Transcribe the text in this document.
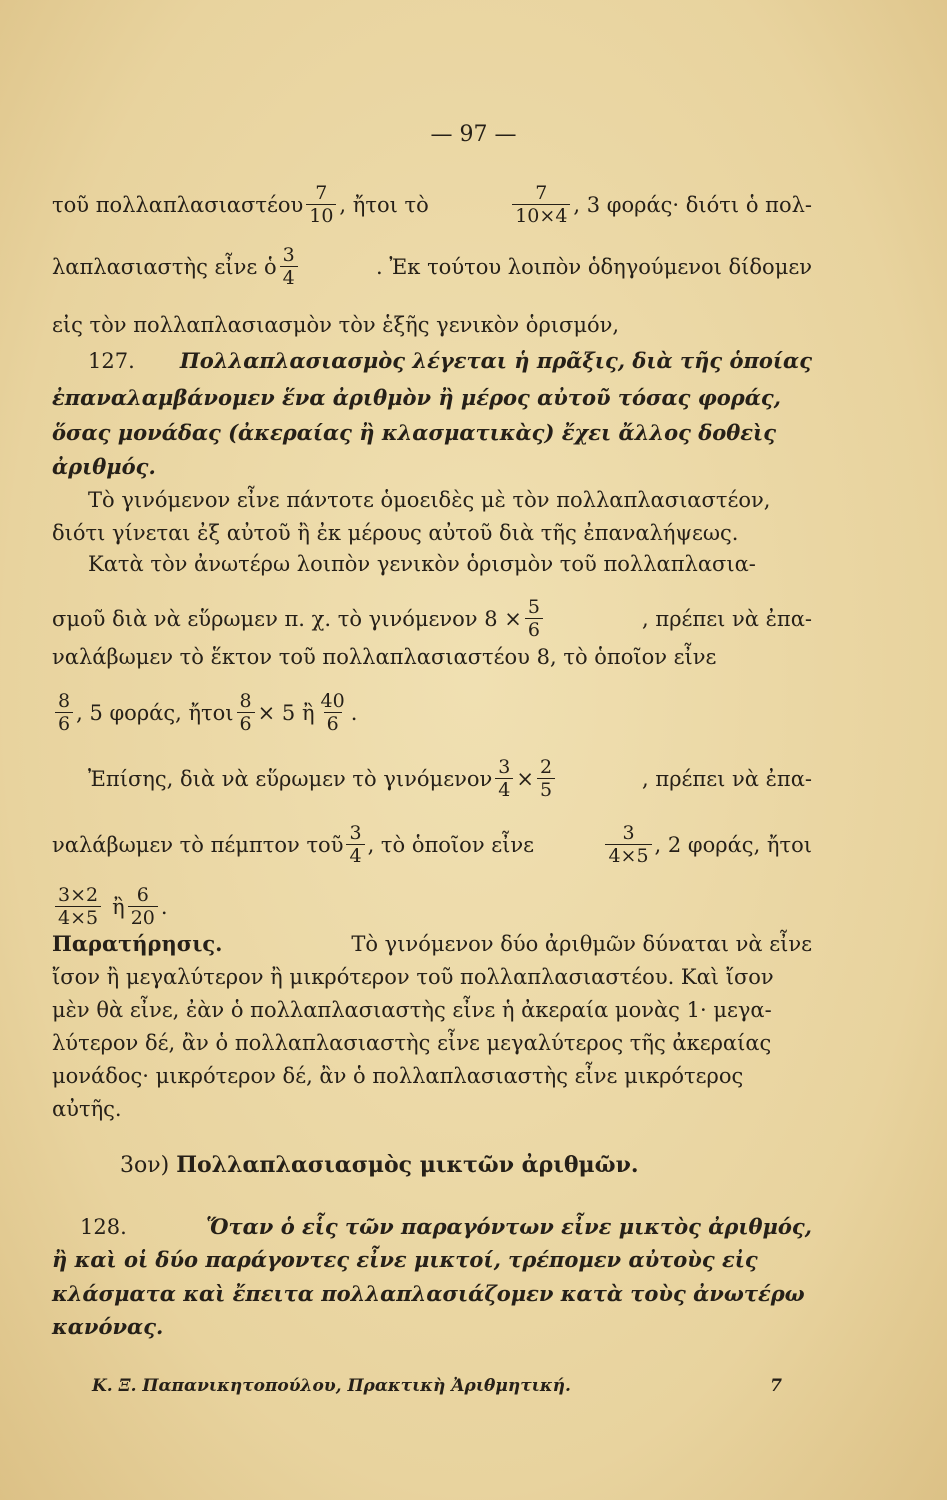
— 97 —
τοῦ πολλαπλασιαστέου $\frac{7}{10}$ , ἤτοι τὸ	$\frac{7}{10\times 4}$ , 3 φοράς· διότι ὁ πολ-
λαπλασιαστὴς εἶνε ὁ $\frac{3}{4}$	. Ἐκ τούτου λοιπὸν ὁδηγούμενοι δίδομεν
εἰς τὸν πολλαπλασιασμὸν τὸν ἑξῆς γενικὸν ὁρισμόν,
127. Πολλαπλασιασμὸς λέγεται ἡ πρᾶξις, διὰ τῆς ὁποίας
ἐπαναλαμβάνομεν ἕνα ἀριθμὸν ἢ μέρος αὐτοῦ τόσας φοράς,
ὅσας μονάδας (ἀκεραίας ἢ κλασματικὰς) ἔχει ἄλλος δοθεὶς
ἀριθμός.
Τὸ γινόμενον εἶνε πάντοτε ὁμοειδὲς μὲ τὸν πολλαπλασιαστέον,
διότι γίνεται ἐξ αὐτοῦ ἢ ἐκ μέρους αὐτοῦ διὰ τῆς ἐπαναλήψεως.
Κατὰ τὸν ἀνωτέρω λοιπὸν γενικὸν ὁρισμὸν τοῦ πολλαπλασια-
σμοῦ διὰ νὰ εὕρωμεν π. χ. τὸ γινόμενον $8 \times \frac{5}{6}$	, πρέπει νὰ ἐπα-
ναλάβωμεν τὸ ἕκτον τοῦ πολλαπλασιαστέου 8, τὸ ὁποῖον εἶνε
$\frac{8}{6}$ , 5 φοράς, ἤτοι $\frac{8}{6} \times 5$ ἢ $\frac{40}{6}$ .
Ἐπίσης, διὰ νὰ εὕρωμεν τὸ γινόμενον $\frac{3}{4} \times \frac{2}{5}$	, πρέπει νὰ ἐπα-
ναλάβωμεν τὸ πέμπτον τοῦ $\frac{3}{4}$ , τὸ ὁποῖον εἶνε	$\frac{3}{4\times 5}$ , 2 φοράς, ἤτοι
$\frac{3\times 2}{4\times 5}$ ἢ $\frac{6}{20}$ .
Παρατήρησις.	Τὸ γινόμενον δύο ἀριθμῶν δύναται νὰ εἶνε
ἴσον ἢ μεγαλύτερον ἢ μικρότερον τοῦ πολλαπλασιαστέου. Καὶ ἴσον
μὲν θὰ εἶνε, ἐὰν ὁ πολλαπλασιαστὴς εἶνε ἡ ἀκεραία μονὰς 1· μεγα-
λύτερον δέ, ἂν ὁ πολλαπλασιαστὴς εἶνε μεγαλύτερος τῆς ἀκεραίας
μονάδος· μικρότερον δέ, ἂν ὁ πολλαπλασιαστὴς εἶνε μικρότερος
αὐτῆς.
3ον) Πολλαπλασιασμὸς μικτῶν ἀριθμῶν.
128.	Ὅταν ὁ εἷς τῶν παραγόντων εἶνε μικτὸς ἀριθμός,
ἢ καὶ οἱ δύο παράγοντες εἶνε μικτοί, τρέπομεν αὐτοὺς εἰς
κλάσματα καὶ ἔπειτα πολλαπλασιάζομεν κατὰ τοὺς ἀνωτέρω
κανόνας.
Κ. Ξ. Παπανικητοπούλου, Πρακτικὴ Ἀριθμητική.	7
